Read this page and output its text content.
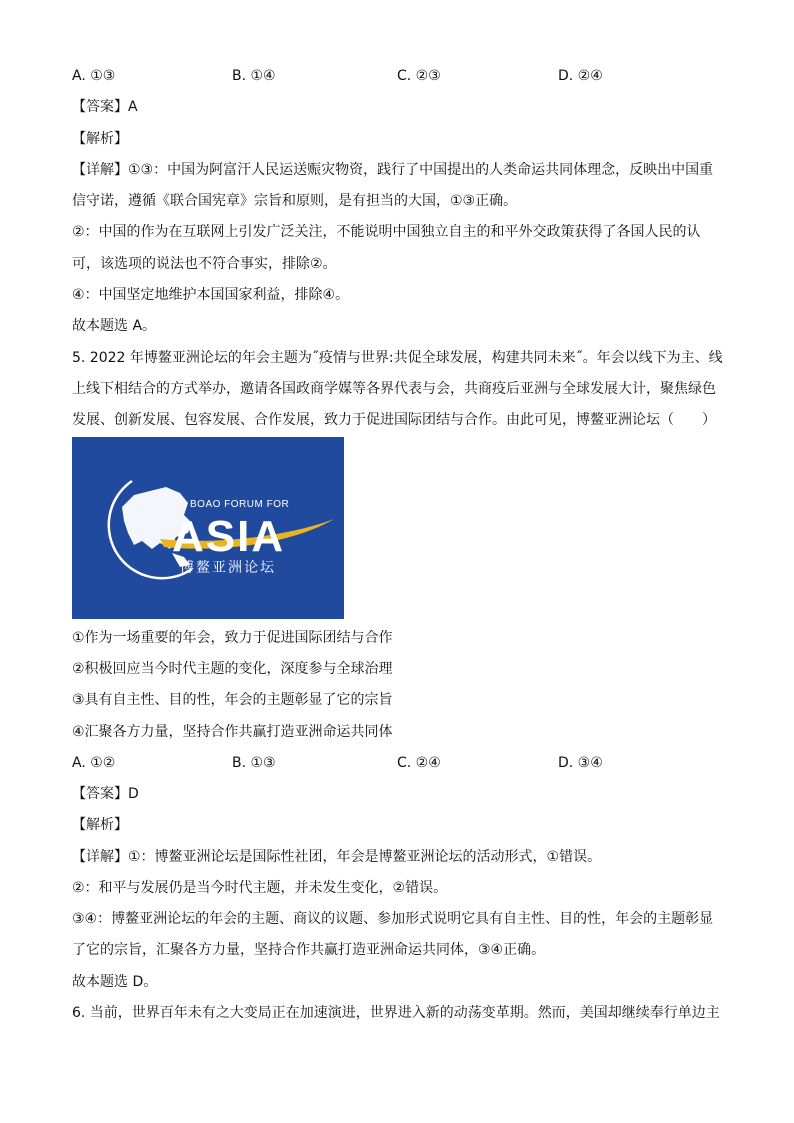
A. ①③	B. ①④	C. ②③	D. ②④
【答案】A
【解析】
【详解】①③：中国为阿富汗人民运送赈灾物资，践行了中国提出的人类命运共同体理念，反映出中国重
信守诺，遵循《联合国宪章》宗旨和原则，是有担当的大国，①③正确。
②：中国的作为在互联网上引发广泛关注，不能说明中国独立自主的和平外交政策获得了各国人民的认
可，该选项的说法也不符合事实，排除②。
④：中国坚定地维护本国国家利益，排除④。
故本题选 A。
5. 2022 年博鳌亚洲论坛的年会主题为˝疫情与世界:共促全球发展，构建共同未来˝。年会以线下为主、线
上线下相结合的方式举办，邀请各国政商学媒等各界代表与会，共商疫后亚洲与全球发展大计，聚焦绿色
发展、创新发展、包容发展、合作发展，致力于促进国际团结与合作。由此可见，博鳌亚洲论坛（　　）
BOAO FORUM FOR
ASIA
博鳌亚洲论坛
①作为一场重要的年会，致力于促进国际团结与合作
②积极回应当今时代主题的变化，深度参与全球治理
③具有自主性、目的性，年会的主题彰显了它的宗旨
④汇聚各方力量，坚持合作共赢打造亚洲命运共同体
A. ①②	B. ①③	C. ②④	D. ③④
【答案】D
【解析】
【详解】①：博鳌亚洲论坛是国际性社团，年会是博鳌亚洲论坛的活动形式，①错误。
②：和平与发展仍是当今时代主题，并未发生变化，②错误。
③④：博鳌亚洲论坛的年会的主题、商议的议题、参加形式说明它具有自主性、目的性，年会的主题彰显
了它的宗旨，汇聚各方力量，坚持合作共赢打造亚洲命运共同体，③④正确。
故本题选 D。
6. 当前，世界百年未有之大变局正在加速演进，世界进入新的动荡变革期。然而，美国却继续奉行单边主
